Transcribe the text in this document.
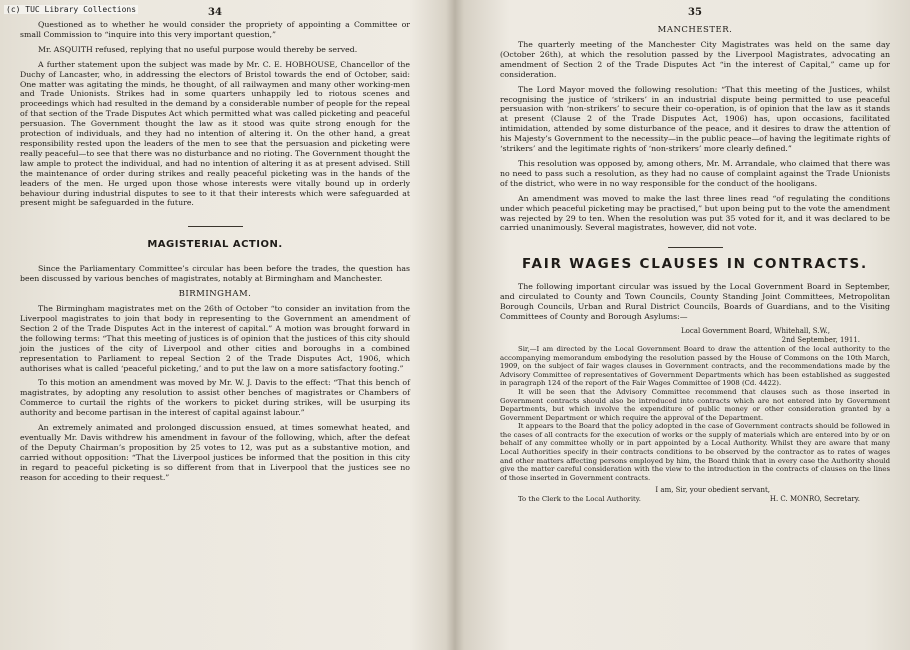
(c) TUC Library Collections	34

Questioned as to whether he would consider the propriety of appointing a Committee or small Commission to “inquire into this very important question,”

Mr. ASQUITH refused, replying that no useful purpose would thereby be served.

A further statement upon the subject was made by Mr. C. E. HOBHOUSE, Chancellor of the Duchy of Lancaster, who, in addressing the electors of Bristol towards the end of October, said: One matter was agitating the minds, he thought, of all railwaymen and many other working-men and Trade Unionists. Strikes had in some quarters unhappily led to riotous scenes and proceedings which had resulted in the demand by a considerable number of people for the repeal of that section of the Trade Disputes Act which permitted what was called picketing and peaceful persuasion. The Government thought the law as it stood was quite strong enough for the protection of individuals, and they had no intention of altering it. On the other hand, a great responsibility rested upon the leaders of the men to see that the persuasion and picketing were really peaceful—to see that there was no disturbance and no rioting. The Government thought the law ample to protect the individual, and had no intention of altering it as at present advised. Still the maintenance of order during strikes and really peaceful picketing was in the hands of the leaders of the men. He urged upon those whose interests were vitally bound up in orderly behaviour during industrial disputes to see to it that their interests which were safeguarded at present might be safeguarded in the future.

MAGISTERIAL ACTION.

Since the Parliamentary Committee’s circular has been before the trades, the question has been discussed by various benches of magistrates, notably at Birmingham and Manchester.

BIRMINGHAM.

The Birmingham magistrates met on the 26th of October “to consider an invitation from the Liverpool magistrates to join that body in representing to the Government an amendment of Section 2 of the Trade Disputes Act in the interest of capital.” A motion was brought forward in the following terms: “That this meeting of justices is of opinion that the justices of this city should join the justices of the city of Liverpool and other cities and boroughs in a combined representation to Parliament to repeal Section 2 of the Trade Disputes Act, 1906, which authorises what is called ‘peaceful picketing,’ and to put the law on a more satisfactory footing.”

To this motion an amendment was moved by Mr. W. J. Davis to the effect: “That this bench of magistrates, by adopting any resolution to assist other benches of magistrates or Chambers of Commerce to curtail the rights of the workers to picket during strikes, will be usurping its authority and become partisan in the interest of capital against labour.”

An extremely animated and prolonged discussion ensued, at times somewhat heated, and eventually Mr. Davis withdrew his amendment in favour of the following, which, after the defeat of the Deputy Chairman’s proposition by 25 votes to 12, was put as a substantive motion, and carried without opposition: “That the Liverpool justices be informed that the position in this city in regard to peaceful picketing is so different from that in Liverpool that the justices see no reason for acceding to their request.”

35
MANCHESTER.

The quarterly meeting of the Manchester City Magistrates was held on the same day (October 26th), at which the resolution passed by the Liverpool Magistrates, advocating an amendment of Section 2 of the Trade Disputes Act “in the interest of Capital,” came up for consideration.

The Lord Mayor moved the following resolution: “That this meeting of the Justices, whilst recognising the justice of ‘strikers’ in an industrial dispute being permitted to use peaceful persuasion with ‘non-strikers’ to secure their co-operation, is of opinion that the law as it stands at present (Clause 2 of the Trade Disputes Act, 1906) has, upon occasions, facilitated intimidation, attended by some disturbance of the peace, and it desires to draw the attention of his Majesty’s Government to the necessity—in the public peace—of having the legitimate rights of ‘strikers’ and the legitimate rights of ‘non-strikers’ more clearly defined.”

This resolution was opposed by, among others, Mr. M. Arrandale, who claimed that there was no need to pass such a resolution, as they had no cause of complaint against the Trade Unionists of the district, who were in no way responsible for the conduct of the hooligans.

An amendment was moved to make the last three lines read “of regulating the conditions under which peaceful picketing may be practised,” but upon being put to the vote the amendment was rejected by 29 to ten. When the resolution was put 35 voted for it, and it was declared to be carried unanimously. Several magistrates, however, did not vote.

FAIR WAGES CLAUSES IN CONTRACTS.

The following important circular was issued by the Local Government Board in September, and circulated to County and Town Councils, County Standing Joint Committees, Metropolitan Borough Councils, Urban and Rural District Councils, Boards of Guardians, and to the Visiting Committees of County and Borough Asylums:—

Local Government Board, Whitehall, S.W.,
2nd September, 1911.

Sir,—I am directed by the Local Government Board to draw the attention of the local authority to the accompanying memorandum embodying the resolution passed by the House of Commons on the 10th March, 1909, on the subject of fair wages clauses in Government contracts, and the recommendations made by the Advisory Committee of representatives of Government Departments which has been established as suggested in paragraph 124 of the report of the Fair Wages Committee of 1908 (Cd. 4422).

It will be seen that the Advisory Committee recommend that clauses such as those inserted in Government contracts should also be introduced into contracts which are not entered into by Government Departments, but which involve the expenditure of public money or other consideration granted by a Government Department or which require the approval of the Department.

It appears to the Board that the policy adopted in the case of Government contracts should be followed in the cases of all contracts for the execution of works or the supply of materials which are entered into by or on behalf of any committee wholly or in part appointed by a Local Authority. Whilst they are aware that many Local Authorities specify in their contracts conditions to be observed by the contractor as to rates of wages and other matters affecting persons employed by him, the Board think that in every case the Authority should give the matter careful consideration with the view to the introduction in the contracts of clauses on the lines of those inserted in Government contracts.

I am, Sir, your obedient servant,
H. C. MONRO, Secretary.

To the Clerk to the Local Authority.
